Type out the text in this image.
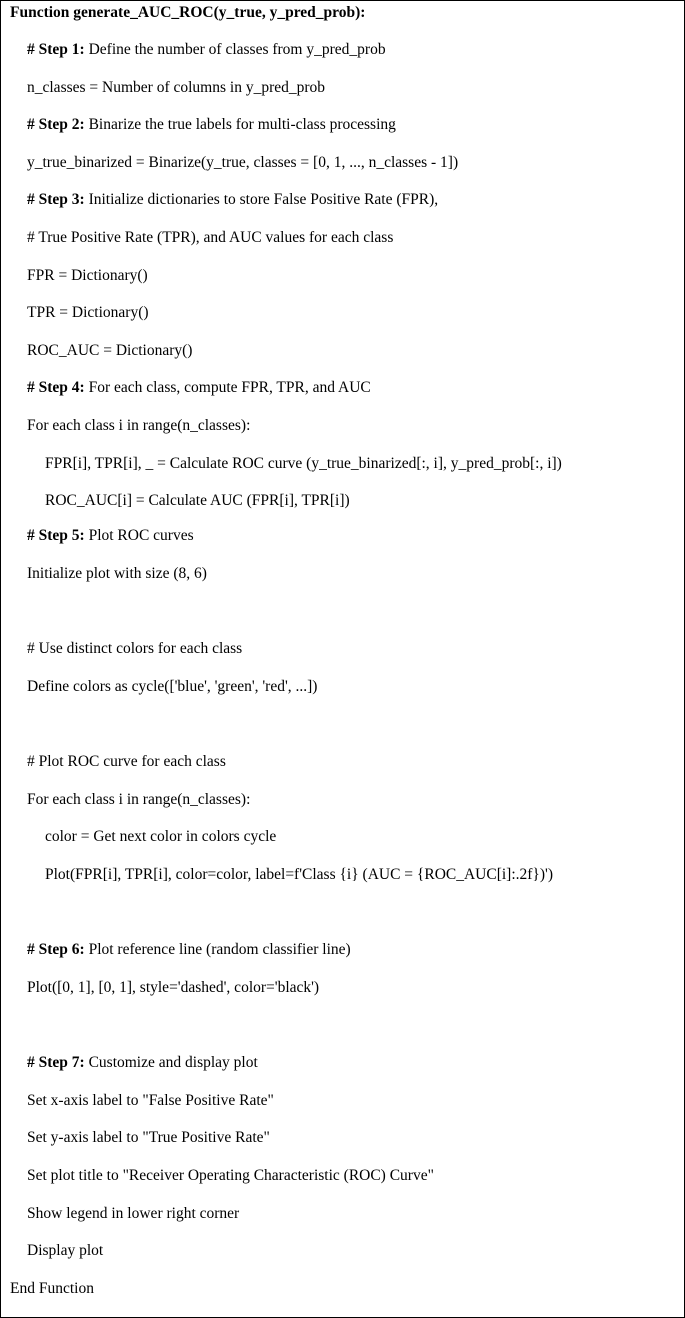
Function generate_AUC_ROC(y_true, y_pred_prob):
# Step 1: Define the number of classes from y_pred_prob
n_classes = Number of columns in y_pred_prob
# Step 2: Binarize the true labels for multi-class processing
y_true_binarized = Binarize(y_true, classes = [0, 1, ..., n_classes - 1])
# Step 3: Initialize dictionaries to store False Positive Rate (FPR),
# True Positive Rate (TPR), and AUC values for each class
FPR = Dictionary()
TPR = Dictionary()
ROC_AUC = Dictionary()
# Step 4: For each class, compute FPR, TPR, and AUC
For each class i in range(n_classes):
FPR[i], TPR[i], _ = Calculate ROC curve (y_true_binarized[:, i], y_pred_prob[:, i])
ROC_AUC[i] = Calculate AUC (FPR[i], TPR[i])
# Step 5: Plot ROC curves
Initialize plot with size (8, 6)
# Use distinct colors for each class
Define colors as cycle(['blue', 'green', 'red', ...])
# Plot ROC curve for each class
For each class i in range(n_classes):
color = Get next color in colors cycle
Plot(FPR[i], TPR[i], color=color, label=f'Class {i} (AUC = {ROC_AUC[i]:.2f})')
# Step 6: Plot reference line (random classifier line)
Plot([0, 1], [0, 1], style='dashed', color='black')
# Step 7: Customize and display plot
Set x-axis label to "False Positive Rate"
Set y-axis label to "True Positive Rate"
Set plot title to "Receiver Operating Characteristic (ROC) Curve"
Show legend in lower right corner
Display plot
End Function
